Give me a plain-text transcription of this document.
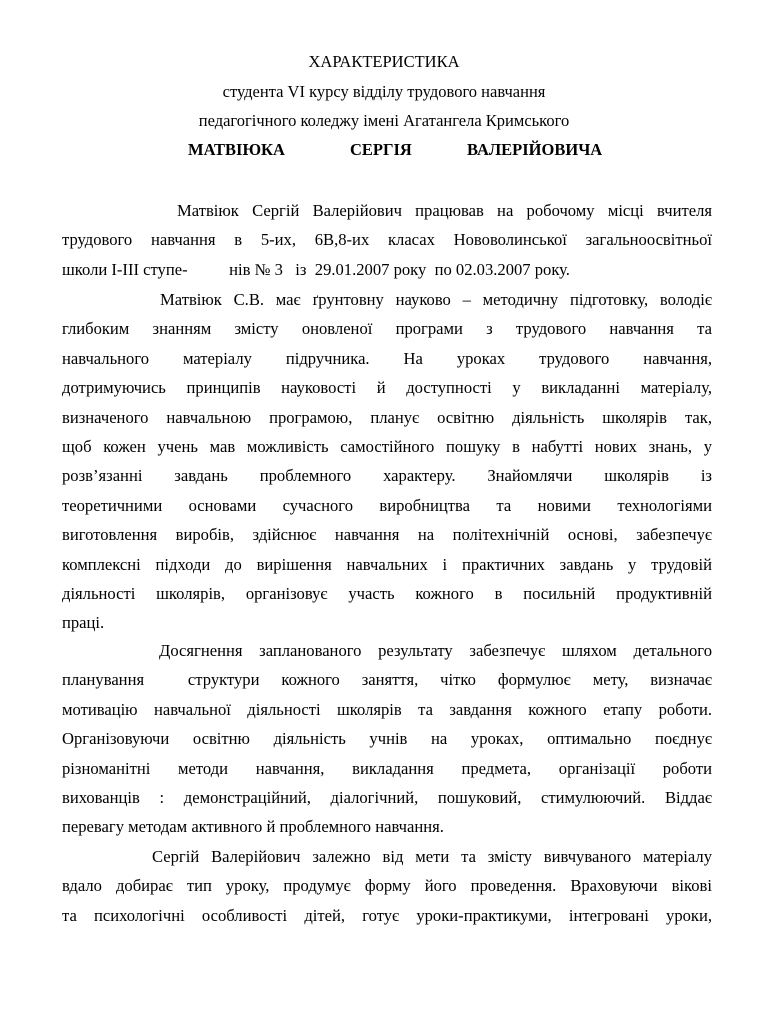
ХАРАКТЕРИСТИКА
студента VI курсу відділу трудового навчання
педагогічного коледжу імені Агатангела Кримського
МАТВІЮКА	СЕРГІЯ	ВАЛЕРІЙОВИЧА
Матвіюк Сергій Валерійович працював на робочому місці вчителя
трудового навчання в 5-их, 6В,8-их класах Нововолинської загальноосвітньої
школи І-ІІІ ступе-          нів № 3   із  29.01.2007 року  по 02.03.2007 року.
Матвіюк С.В. має ґрунтовну науково – методичну підготовку, володіє
глибоким знанням змісту оновленої програми з трудового навчання та
навчального матеріалу підручника. На уроках трудового навчання,
дотримуючись принципів науковості й доступності у викладанні матеріалу,
визначеного навчальною програмою, планує освітню діяльність школярів так,
щоб кожен учень мав можливість самостійного пошуку в набутті нових знань, у
розв’язанні завдань проблемного характеру. Знайомлячи школярів із
теоретичними основами сучасного виробництва та новими технологіями
виготовлення виробів, здійснює навчання на політехнічній основі, забезпечує
комплексні підходи до вирішення навчальних і практичних завдань у трудовій
діяльності школярів, організовує участь кожного в посильній продуктивній
праці.
Досягнення запланованого результату забезпечує шляхом детального
планування  структури кожного заняття, чітко формулює мету, визначає
мотивацію навчальної діяльності школярів та завдання кожного етапу роботи.
Організовуючи освітню діяльність учнів на уроках, оптимально поєднує
різноманітні методи навчання, викладання предмета, організації роботи
вихованців : демонстраційний, діалогічний, пошуковий, стимулюючий. Віддає
перевагу методам активного й проблемного навчання.
Сергій Валерійович залежно від мети та змісту вивчуваного матеріалу
вдало добирає тип уроку, продумує форму його проведення. Враховуючи вікові
та психологічні особливості дітей, готує уроки-практикуми, інтегровані уроки,
